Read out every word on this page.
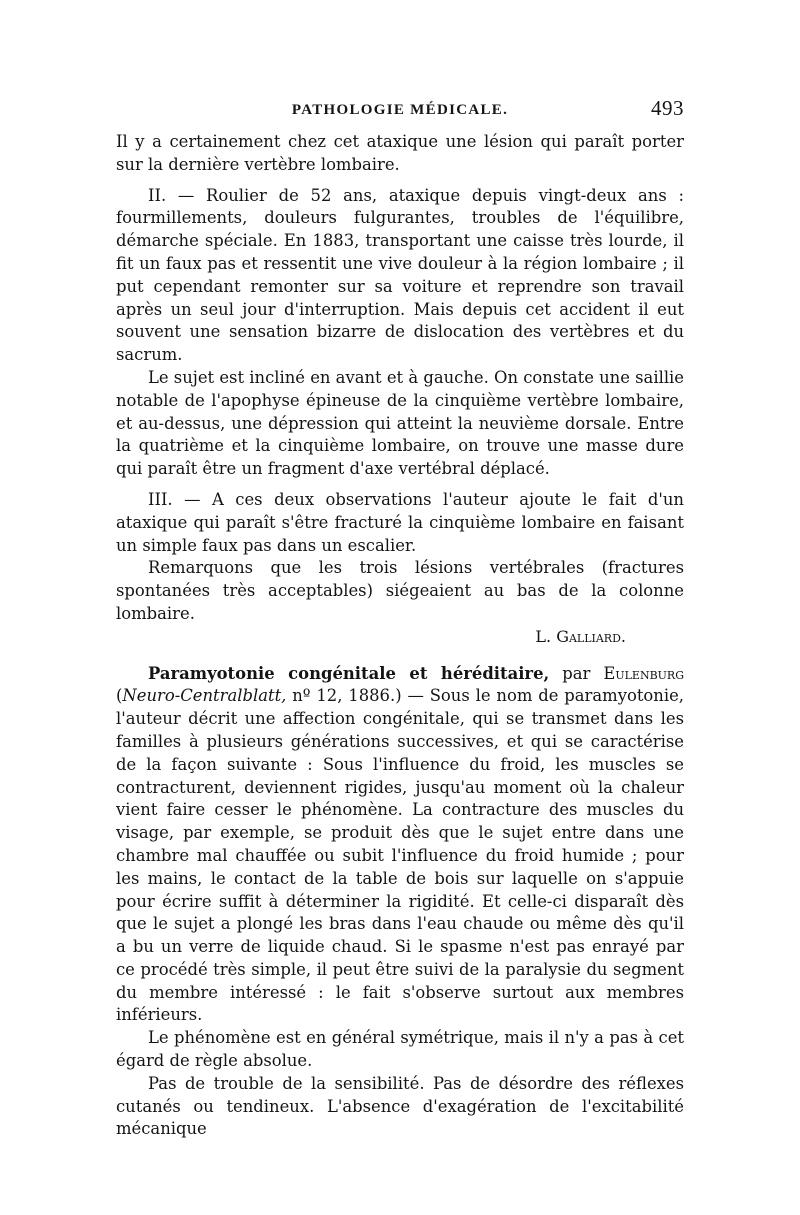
PATHOLOGIE MÉDICALE.	493

Il y a certainement chez cet ataxique une lésion qui paraît porter sur la dernière vertèbre lombaire.

II. — Roulier de 52 ans, ataxique depuis vingt-deux ans : fourmillements, douleurs fulgurantes, troubles de l'équilibre, démarche spéciale. En 1883, transportant une caisse très lourde, il fit un faux pas et ressentit une vive douleur à la région lombaire ; il put cependant remonter sur sa voiture et reprendre son travail après un seul jour d'interruption. Mais depuis cet accident il eut souvent une sensation bizarre de dislocation des vertèbres et du sacrum.

Le sujet est incliné en avant et à gauche. On constate une saillie notable de l'apophyse épineuse de la cinquième vertèbre lombaire, et au-dessus, une dépression qui atteint la neuvième dorsale. Entre la quatrième et la cinquième lombaire, on trouve une masse dure qui paraît être un fragment d'axe vertébral déplacé.

III. — A ces deux observations l'auteur ajoute le fait d'un ataxique qui paraît s'être fracturé la cinquième lombaire en faisant un simple faux pas dans un escalier.

Remarquons que les trois lésions vertébrales (fractures spontanées très acceptables) siégeaient au bas de la colonne lombaire.

L. Galliard.

Paramyotonie congénitale et héréditaire, par Eulenburg (Neuro-Centralblatt, nº 12, 1886.) — Sous le nom de paramyotonie, l'auteur décrit une affection congénitale, qui se transmet dans les familles à plusieurs générations successives, et qui se caractérise de la façon suivante : Sous l'influence du froid, les muscles se contracturent, deviennent rigides, jusqu'au moment où la chaleur vient faire cesser le phénomène. La contracture des muscles du visage, par exemple, se produit dès que le sujet entre dans une chambre mal chauffée ou subit l'influence du froid humide ; pour les mains, le contact de la table de bois sur laquelle on s'appuie pour écrire suffit à déterminer la rigidité. Et celle-ci disparaît dès que le sujet a plongé les bras dans l'eau chaude ou même dès qu'il a bu un verre de liquide chaud. Si le spasme n'est pas enrayé par ce procédé très simple, il peut être suivi de la paralysie du segment du membre intéressé : le fait s'observe surtout aux membres inférieurs.

Le phénomène est en général symétrique, mais il n'y a pas à cet égard de règle absolue.

Pas de trouble de la sensibilité. Pas de désordre des réflexes cutanés ou tendineux. L'absence d'exagération de l'excitabilité mécanique
